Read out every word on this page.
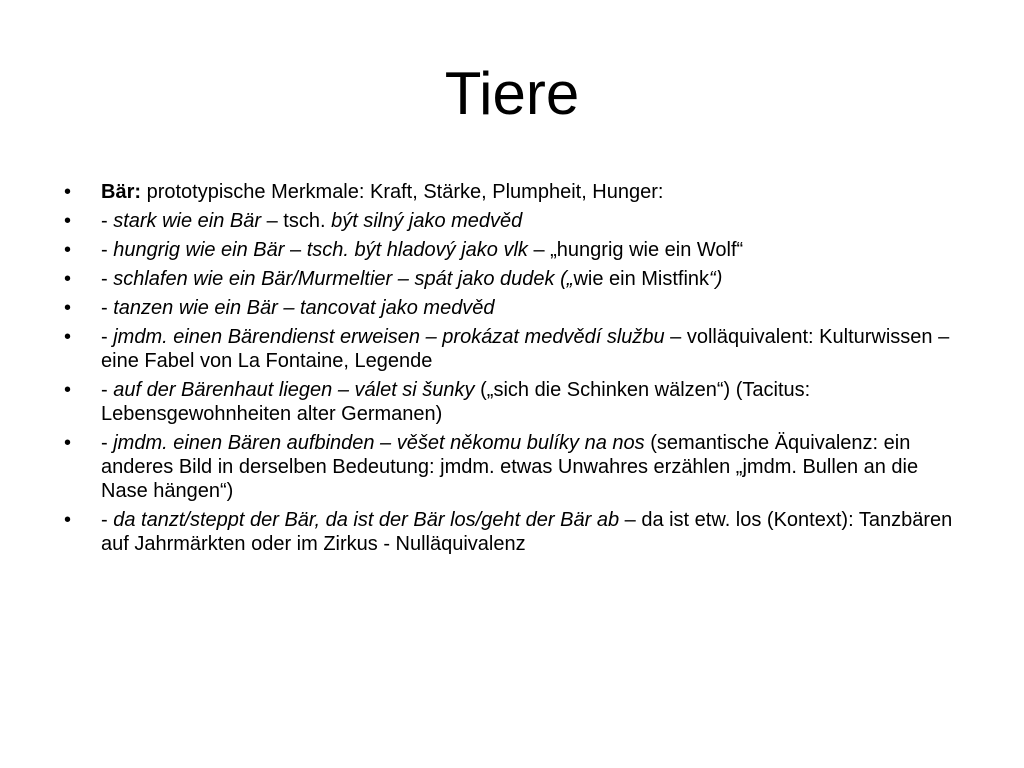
Tiere
• Bär: prototypische Merkmale: Kraft, Stärke, Plumpheit, Hunger:
• - stark wie ein Bär – tsch. být silný jako medvěd
• - hungrig wie ein Bär – tsch. být hladový jako vlk – „hungrig wie ein Wolf“
• - schlafen wie ein Bär/Murmeltier – spát jako dudek („wie ein Mistfink“)
• - tanzen wie ein Bär – tancovat jako medvěd
• - jmdm. einen Bärendienst erweisen – prokázat medvědí službu – volläquivalent: Kulturwissen – eine Fabel von La Fontaine, Legende
• - auf der Bärenhaut liegen – válet si šunky („sich die Schinken wälzen“) (Tacitus: Lebensgewohnheiten alter Germanen)
• - jmdm. einen Bären aufbinden – věšet někomu bulíky na nos (semantische Äquivalenz: ein anderes Bild in derselben Bedeutung: jmdm. etwas Unwahres erzählen „jmdm. Bullen an die Nase hängen“)
• - da tanzt/steppt der Bär, da ist der Bär los/geht der Bär ab – da ist etw. los (Kontext): Tanzbären auf Jahrmärkten oder im Zirkus - Nulläquivalenz
